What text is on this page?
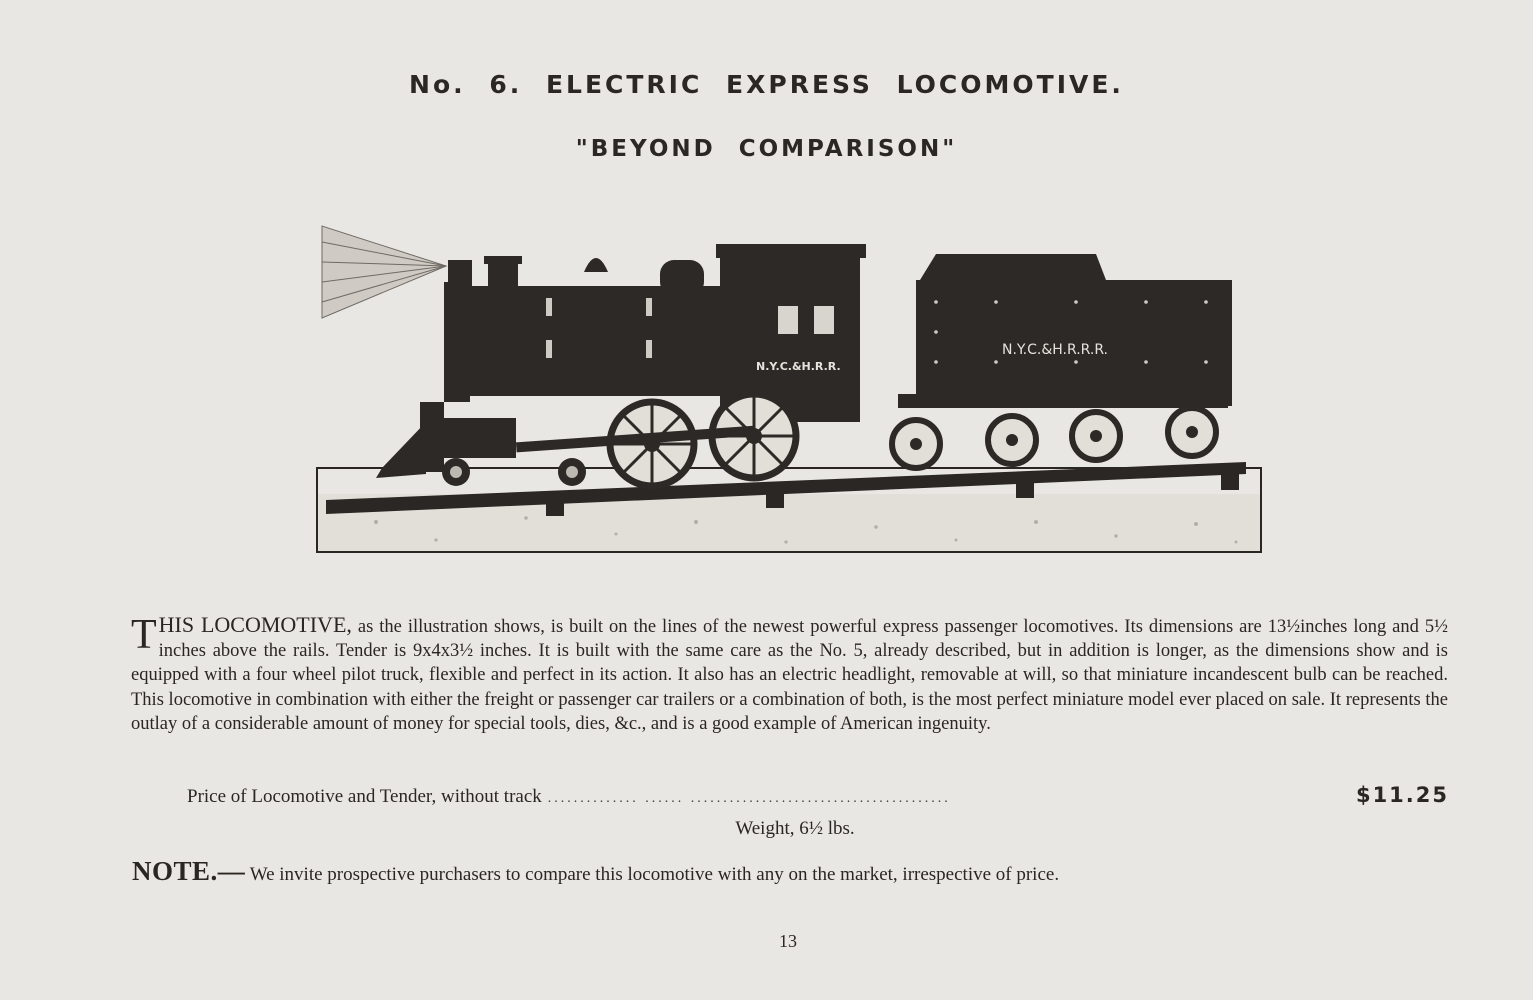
No. 6. ELECTRIC EXPRESS LOCOMOTIVE.
"BEYOND COMPARISON"
N.Y.C.&H.R.R.
N.Y.C.&H.R.R.R.
THIS LOCOMOTIVE, as the illustration shows, is built on the lines of the newest powerful express passenger locomotives. Its dimensions are 13½inches long and 5½ inches above the rails. Tender is 9x4x3½ inches. It is built with the same care as the No. 5, already described, but in addition is longer, as the dimensions show and is equipped with a four wheel pilot truck, flexible and perfect in its action. It also has an electric headlight, removable at will, so that miniature incandescent bulb can be reached. This locomotive in combination with either the freight or passenger car trailers or a combination of both, is the most perfect miniature model ever placed on sale. It represents the outlay of a considerable amount of money for special tools, dies, &c., and is a good example of American ingenuity.
Price of Locomotive and Tender, without track .............. ...... ........................................	$11.25
Weight, 6½ lbs.
NOTE.— We invite prospective purchasers to compare this locomotive with any on the market, irrespective of price.
13
